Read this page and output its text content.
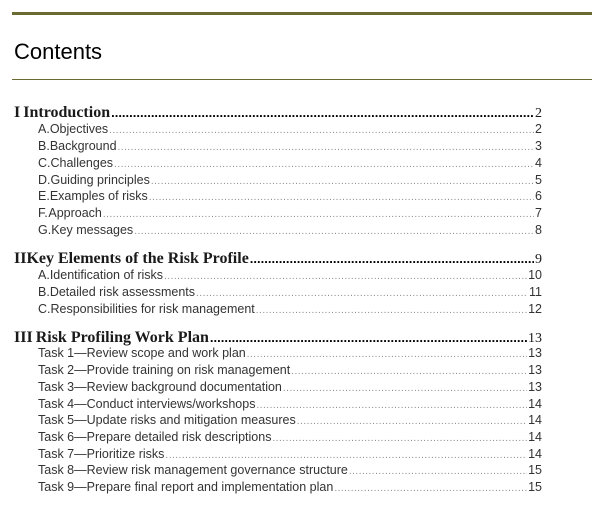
Contents
I Introduction .....	2
A. Objectives .....	2
B. Background .....	3
C. Challenges .....	4
D. Guiding principles .....	5
E. Examples of risks .....	6
F. Approach .....	7
G. Key messages .....	8
II Key Elements of the Risk Profile .....	9
A. Identification of risks .....	10
B. Detailed risk assessments .....	11
C. Responsibilities for risk management .....	12
III Risk Profiling Work Plan .....	13
Task 1—Review scope and work plan .....	13
Task 2—Provide training on risk management .....	13
Task 3—Review background documentation .....	13
Task 4—Conduct interviews/workshops .....	14
Task 5—Update risks and mitigation measures .....	14
Task 6—Prepare detailed risk descriptions .....	14
Task 7—Prioritize risks .....	14
Task 8—Review risk management governance structure .....	15
Task 9—Prepare final report and implementation plan .....	15
